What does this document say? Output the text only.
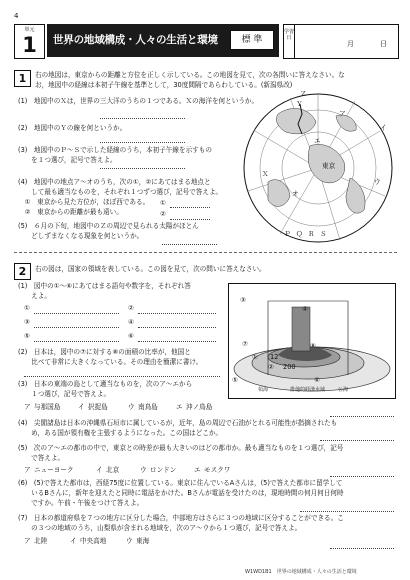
4
単元
1	世界の地域構成・人々の生活と環境	標 準
学習日
月	日
1	右の地図は，東京からの距離と方位を正しく示している。この地図を見て，次の各問いに答えなさい。な
お，地図中の経線は本初子午線を基準として，30度間隔であらわしている。(新潟県改)
(1)　地図中のＸは，世界の三大洋のうちの１つである。Ｘの海洋を何というか。
(2)　地図中のＹの線を何というか。
(3)　地図中のＰ～Ｓで示した経線のうち，本初子午線を示すもの
　　を１つ選び，記号で答えよ。
(4)　地図中の地点ア～オのうち，次の①，②にあてはまる地点と
　　して最も適当なものを，それぞれ１つずつ選び，記号で答えよ。
　①　東京から見た方位が，ほぼ西である。
　②　東京からの距離が最も遠い。
①
②
(5)　６月の下旬，地図中のＺの周辺で見られる太陽がほとん
　　どしずまなくなる現象を何というか。
Ｚ
Ｙ
Ｘ
ア
イ
ウ
エ
オ
東京
Ｐ Ｑ Ｒ Ｓ
2	右の図は，国家の領域を表している。この図を見て，次の問いに答えなさい。
(1)　図中の①～⑥にあてはまる語句や数字を，それぞれ答
　　えよ。
①	②
③	④
⑤	⑥
(2)　日本は，図中の⑦に対する⑧の面積の比率が，他国と
　　比べて非常に大きくなっている。その理由を簡潔に書け。
(3)　日本の東端の島として適当なものを，次のア～エから
　　１つ選び，記号で答えよ。
ア 与那国島	イ 択捉島	ウ 南鳥島	エ 沖ノ鳥島
③
④
⑦
① 12
② 200
⑧
⑤	⑥
公海
排他的経済水域
領海
(4)　尖閣諸島は日本の沖縄県石垣市に属しているが，近年，島の周辺で石油がとれる可能性が指摘されたも
　　め，ある国が領有権を主張するようになった。この国はどこか。
(5)　次のア～エの都市の中で，東京との時差が最も大きいのはどの都市か。最も適当なものを１つ選び，記号
　　で答えよ。
ア ニューヨーク	イ 北京	ウ ロンドン	エ モスクワ
(6)　(5)で答えた都市は，西経75度に位置している。東京に住んでいるAさんは，(5)で答えた都市に留学して
　　いるBさんに，新年を迎えたと同時に電話をかけた。Bさんが電話を受けたのは，現地時間の何月何日何時
　　ですか。午前・午後をつけて答えよ。
(7)　日本の都道府県を７つの地方に区分した場合，中部地方はさらに３つの地域に区分することができる。こ
　　の３つの地域のうち，山梨県が含まれる地域を，次のア～ウから１つ選び，記号で答えよ。
ア 北陸	イ 中央高地	ウ 東海
W1WD1B1　世界の地域構成・人々の生活と環境
